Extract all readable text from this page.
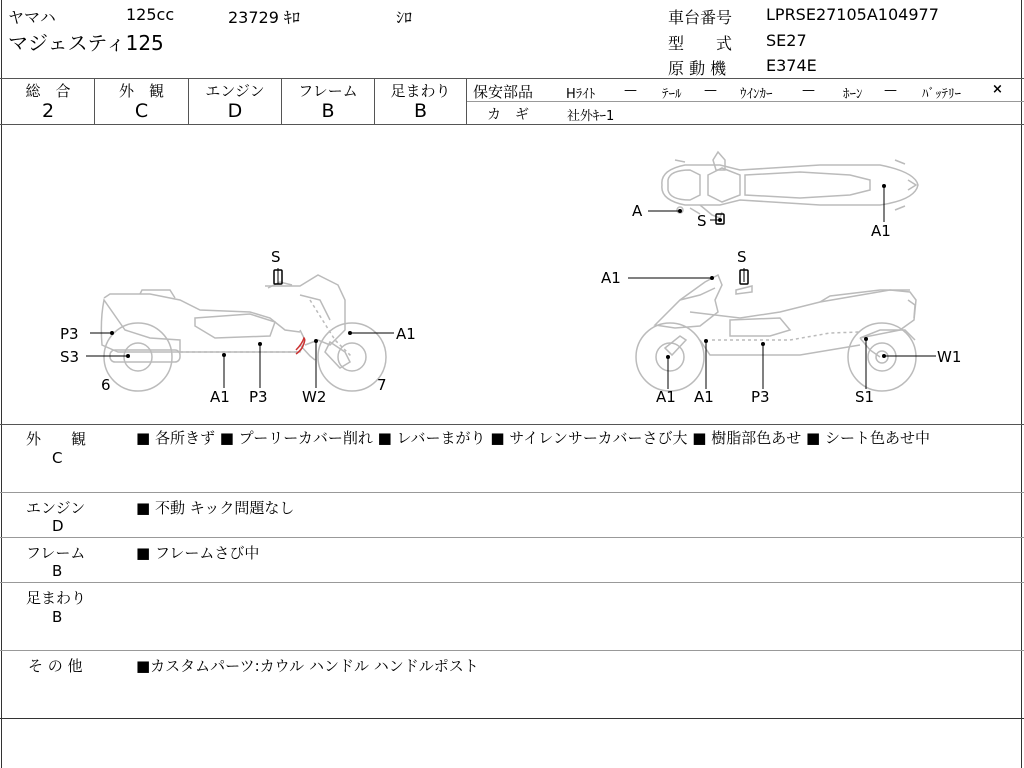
ヤマハ	125cc	23729 ｷﾛ	ｼﾛ
マジェスティ125
車台番号 LPRSE27105A104977
型　　式 SE27
原 動 機 E374E
総　合
2
外　観
C
エンジン
D
フレーム
B
足まわり
B
保安部品	Hﾗｲﾄ — ﾃｰﾙ — ｳｲﾝｶｰ — ﾎｰﾝ — ﾊﾞｯﾃﾘｰ ×
カ　ギ	社外ｷｰ1
P3
S3
6
S
A1
7
A1 P3 W2
A1
S
W1
A1 A1 P3	S1
A
S
A1
外　　観
C
■ 各所きず ■ プーリーカバー削れ ■ レバーまがり ■ サイレンサーカバーさび大 ■ 樹脂部色あせ ■ シート色あせ中
エンジン
D
■ 不動 キック問題なし
フレーム
B
■ フレームさび中
足まわり
B
そ の 他	■カスタムパーツ:カウル ハンドル ハンドルポスト
